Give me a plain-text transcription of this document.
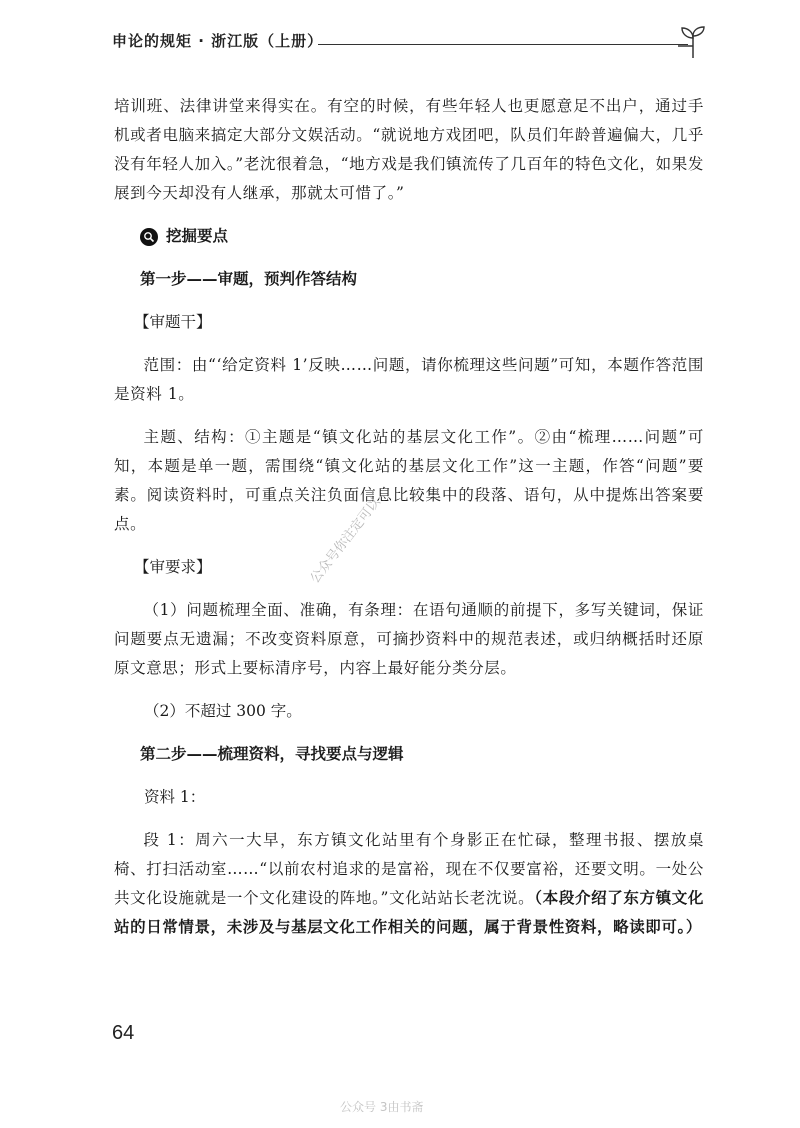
申论的规矩 · 浙江版（上册）

培训班、法律讲堂来得实在。有空的时候，有些年轻人也更愿意足不出户，通过手机或者电脑来搞定大部分文娱活动。“就说地方戏团吧，队员们年龄普遍偏大，几乎没有年轻人加入。”老沈很着急，“地方戏是我们镇流传了几百年的特色文化，如果发展到今天却没有人继承，那就太可惜了。”

挖掘要点
第一步——审题，预判作答结构
【审题干】

范围：由“‘给定资料 1’反映……问题，请你梳理这些问题”可知，本题作答范围是资料 1。

主题、结构：①主题是“镇文化站的基层文化工作”。②由“梳理……问题”可知，本题是单一题，需围绕“镇文化站的基层文化工作”这一主题，作答“问题”要素。阅读资料时，可重点关注负面信息比较集中的段落、语句，从中提炼出答案要点。

【审要求】

（1）问题梳理全面、准确，有条理：在语句通顺的前提下，多写关键词，保证问题要点无遗漏；不改变资料原意，可摘抄资料中的规范表述，或归纳概括时还原原文意思；形式上要标清序号，内容上最好能分类分层。

（2）不超过 300 字。
第二步——梳理资料，寻找要点与逻辑
资料 1：

段 1：周六一大早，东方镇文化站里有个身影正在忙碌，整理书报、摆放桌椅、打扫活动室……“以前农村追求的是富裕，现在不仅要富裕，还要文明。一处公共文化设施就是一个文化建设的阵地。”文化站站长老沈说。（本段介绍了东方镇文化站的日常情景，未涉及与基层文化工作相关的问题，属于背景性资料，略读即可。）

公众号你注定可以
64
公众号 3由书斋
